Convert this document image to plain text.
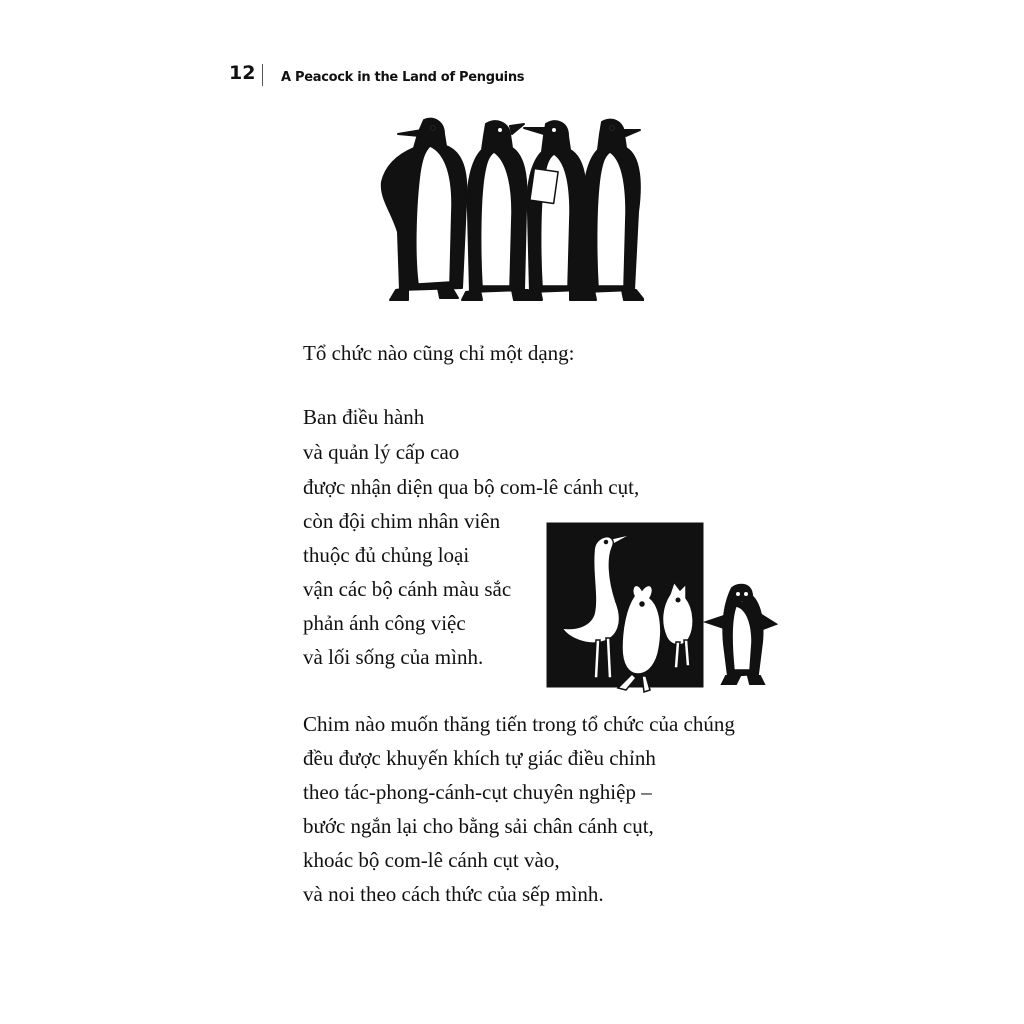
12 A Peacock in the Land of Penguins

Tổ chức nào cũng chỉ một dạng:

Ban điều hành

và quản lý cấp cao

được nhận diện qua bộ com-lê cánh cụt,

còn đội chim nhân viên

thuộc đủ chủng loại

vận các bộ cánh màu sắc

phản ánh công việc

và lối sống của mình.

Chim nào muốn thăng tiến trong tổ chức của chúng

đều được khuyến khích tự giác điều chỉnh

theo tác-phong-cánh-cụt chuyên nghiệp –

bước ngắn lại cho bằng sải chân cánh cụt,

khoác bộ com-lê cánh cụt vào,

và noi theo cách thức của sếp mình.
